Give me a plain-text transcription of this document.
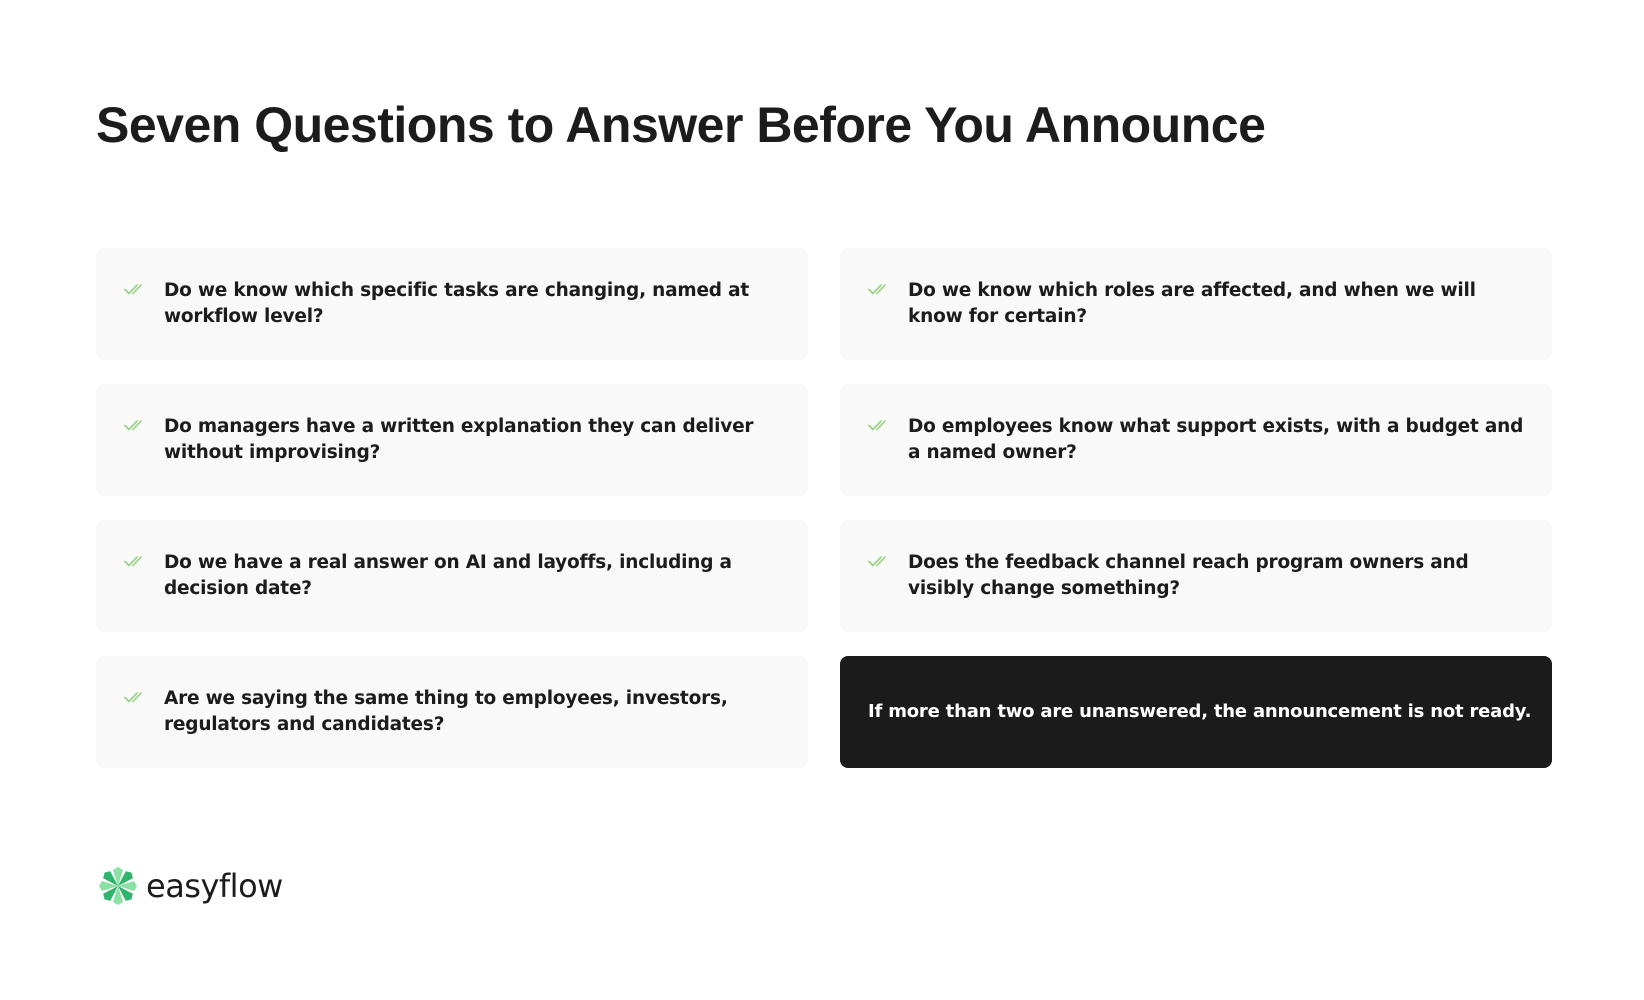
Seven Questions to Answer Before You Announce
Do we know which specific tasks are changing, named at workflow level?
Do we know which roles are affected, and when we will know for certain?
Do managers have a written explanation they can deliver without improvising?
Do employees know what support exists, with a budget and a named owner?
Do we have a real answer on AI and layoffs, including a decision date?
Does the feedback channel reach program owners and visibly change something?
Are we saying the same thing to employees, investors, regulators and candidates?
If more than two are unanswered, the announcement is not ready.
easyflow
